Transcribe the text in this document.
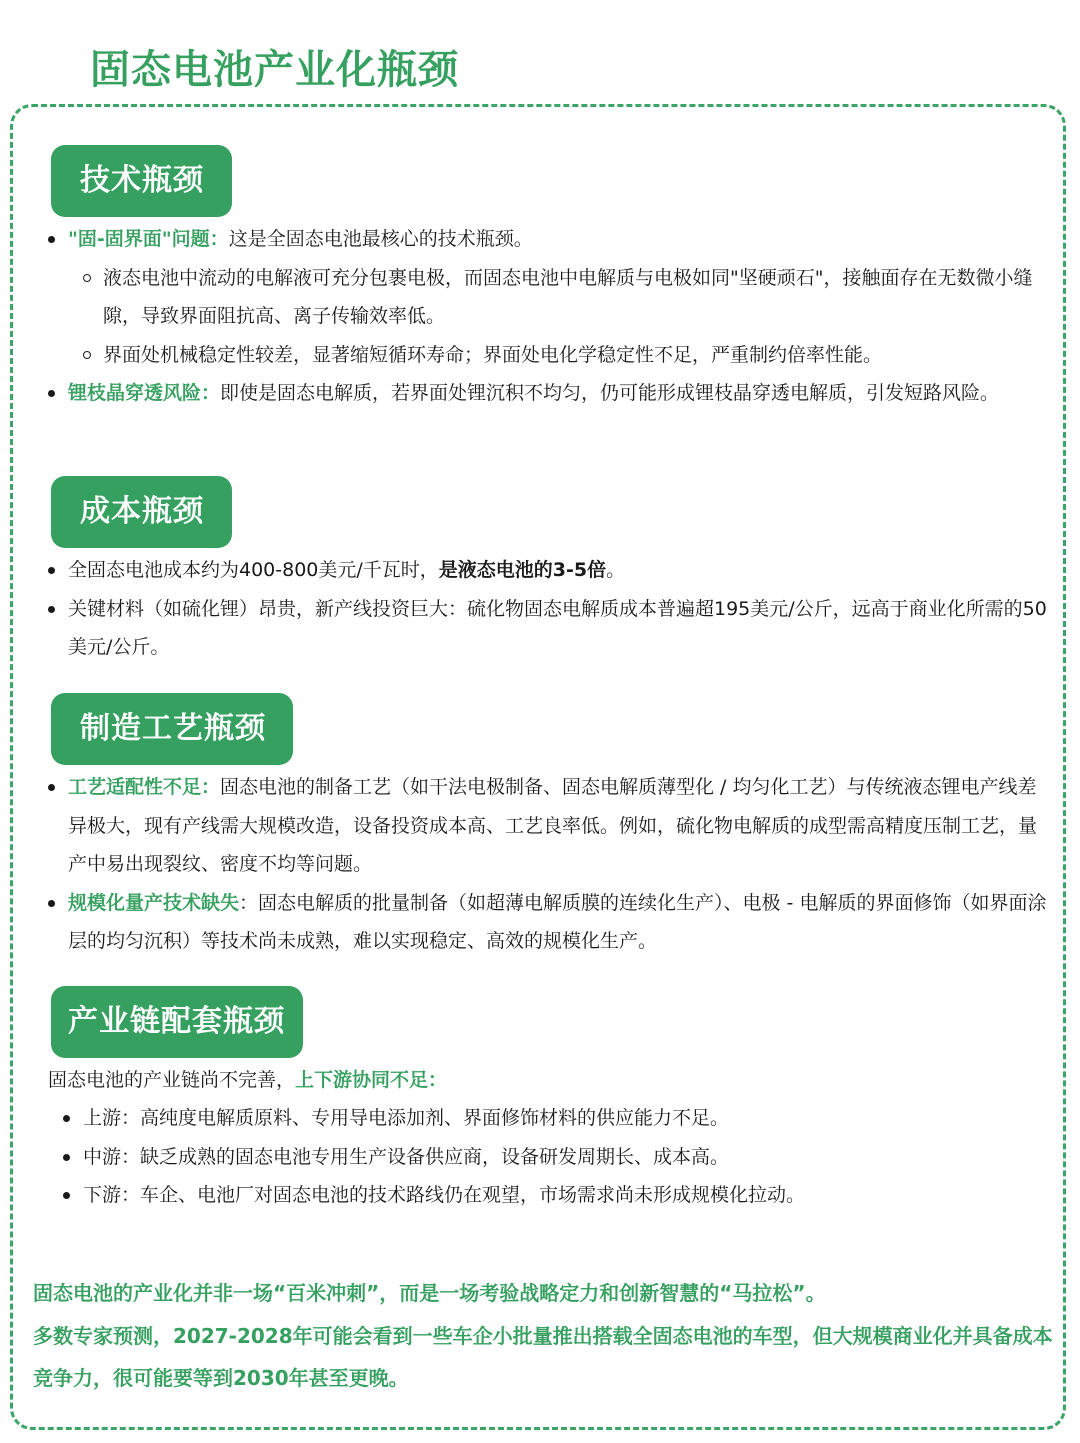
固态电池产业化瓶颈
技术瓶颈
"固-固界面"问题：这是全固态电池最核心的技术瓶颈。
液态电池中流动的电解液可充分包裹电极，而固态电池中电解质与电极如同"坚硬顽石"，接触面存在无数微小缝隙，导致界面阻抗高、离子传输效率低。
界面处机械稳定性较差，显著缩短循环寿命；界面处电化学稳定性不足，严重制约倍率性能。
锂枝晶穿透风险：即使是固态电解质，若界面处锂沉积不均匀，仍可能形成锂枝晶穿透电解质，引发短路风险。
成本瓶颈
全固态电池成本约为400-800美元/千瓦时，是液态电池的3-5倍。
关键材料（如硫化锂）昂贵，新产线投资巨大：硫化物固态电解质成本普遍超195美元/公斤，远高于商业化所需的50美元/公斤。
制造工艺瓶颈
工艺适配性不足：固态电池的制备工艺（如干法电极制备、固态电解质薄型化 / 均匀化工艺）与传统液态锂电产线差异极大，现有产线需大规模改造，设备投资成本高、工艺良率低。例如，硫化物电解质的成型需高精度压制工艺，量产中易出现裂纹、密度不均等问题。
规模化量产技术缺失：固态电解质的批量制备（如超薄电解质膜的连续化生产）、电极 - 电解质的界面修饰（如界面涂层的均匀沉积）等技术尚未成熟，难以实现稳定、高效的规模化生产。
产业链配套瓶颈
固态电池的产业链尚不完善，上下游协同不足：
上游：高纯度电解质原料、专用导电添加剂、界面修饰材料的供应能力不足。
中游：缺乏成熟的固态电池专用生产设备供应商，设备研发周期长、成本高。
下游：车企、电池厂对固态电池的技术路线仍在观望，市场需求尚未形成规模化拉动。

固态电池的产业化并非一场“百米冲刺”，而是一场考验战略定力和创新智慧的“马拉松”。

多数专家预测，2027-2028年可能会看到一些车企小批量推出搭载全固态电池的车型，但大规模商业化并具备成本竞争力，很可能要等到2030年甚至更晚。
